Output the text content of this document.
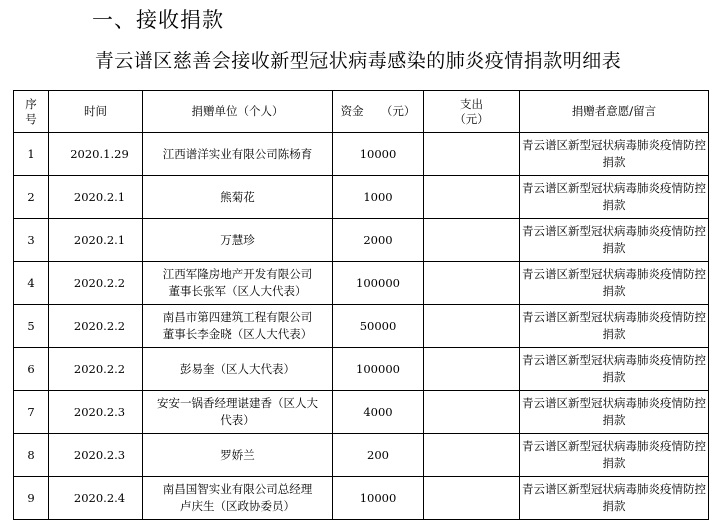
一、接收捐款
青云谱区慈善会接收新型冠状病毒感染的肺炎疫情捐款明细表
序
号	时间	捐赠单位（个人）	资金　　（元）	支出
（元）	捐赠者意愿/留言
1	2020.1.29	江西谱洋实业有限公司陈杨育	10000		青云谱区新型冠状病毒肺炎疫情防控捐款
2	2020.2.1	熊菊花	1000		青云谱区新型冠状病毒肺炎疫情防控捐款
3	2020.2.1	万慧珍	2000		青云谱区新型冠状病毒肺炎疫情防控捐款
4	2020.2.2	江西军隆房地产开发有限公司
董事长张军（区人大代表）	100000		青云谱区新型冠状病毒肺炎疫情防控捐款
5	2020.2.2	南昌市第四建筑工程有限公司
董事长李金晓（区人大代表）	50000		青云谱区新型冠状病毒肺炎疫情防控捐款
6	2020.2.2	彭易奎（区人大代表）	100000		青云谱区新型冠状病毒肺炎疫情防控捐款
7	2020.2.3	安安一锅香经理谌建香（区人大
代表）	4000		青云谱区新型冠状病毒肺炎疫情防控捐款
8	2020.2.3	罗娇兰	200		青云谱区新型冠状病毒肺炎疫情防控捐款
9	2020.2.4	南昌国智实业有限公司总经理
卢庆生（区政协委员）	10000		青云谱区新型冠状病毒肺炎疫情防控捐款
